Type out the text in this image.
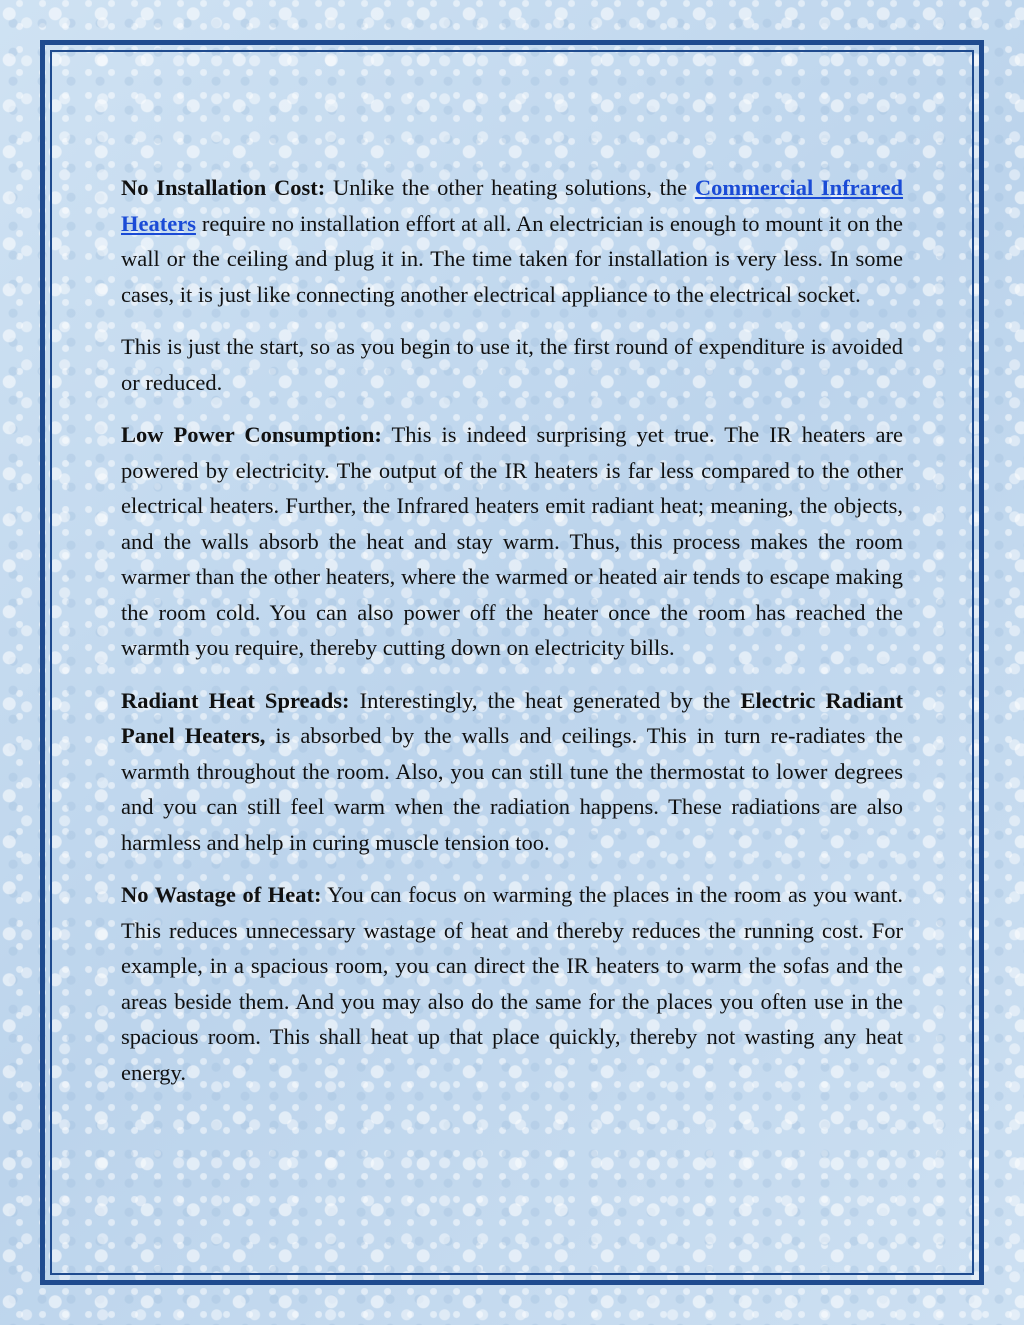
No Installation Cost: Unlike the other heating solutions, the Commercial Infrared Heaters require no installation effort at all. An electrician is enough to mount it on the wall or the ceiling and plug it in. The time taken for installation is very less. In some cases, it is just like connecting another electrical appliance to the electrical socket.

This is just the start, so as you begin to use it, the first round of expenditure is avoided or reduced.

Low Power Consumption: This is indeed surprising yet true. The IR heaters are powered by electricity. The output of the IR heaters is far less compared to the other electrical heaters. Further, the Infrared heaters emit radiant heat; meaning, the objects, and the walls absorb the heat and stay warm. Thus, this process makes the room warmer than the other heaters, where the warmed or heated air tends to escape making the room cold. You can also power off the heater once the room has reached the warmth you require, thereby cutting down on electricity bills.

Radiant Heat Spreads: Interestingly, the heat generated by the Electric Radiant Panel Heaters, is absorbed by the walls and ceilings. This in turn re-radiates the warmth throughout the room. Also, you can still tune the thermostat to lower degrees and you can still feel warm when the radiation happens. These radiations are also harmless and help in curing muscle tension too.

No Wastage of Heat: You can focus on warming the places in the room as you want. This reduces unnecessary wastage of heat and thereby reduces the running cost. For example, in a spacious room, you can direct the IR heaters to warm the sofas and the areas beside them. And you may also do the same for the places you often use in the spacious room. This shall heat up that place quickly, thereby not wasting any heat energy.
